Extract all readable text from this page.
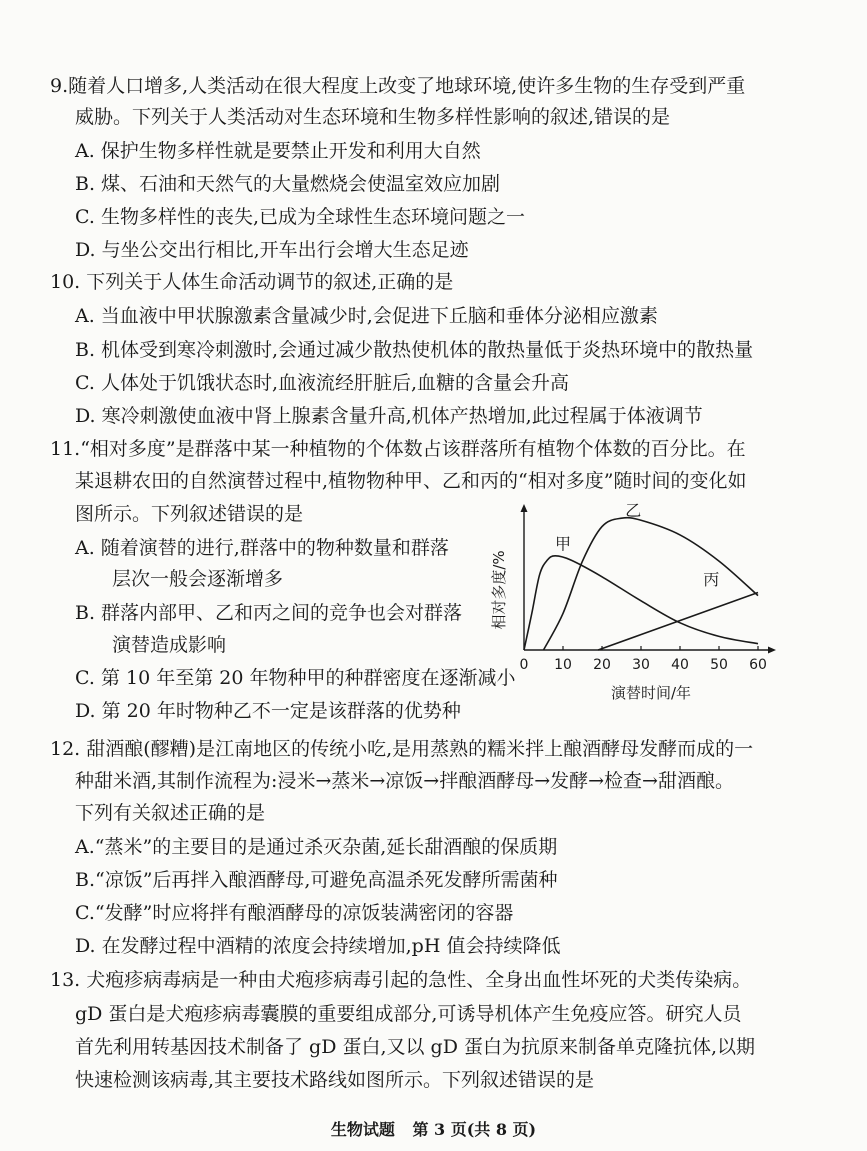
9.随着人口增多,人类活动在很大程度上改变了地球环境,使许多生物的生存受到严重
威胁。下列关于人类活动对生态环境和生物多样性影响的叙述,错误的是
A. 保护生物多样性就是要禁止开发和利用大自然
B. 煤、石油和天然气的大量燃烧会使温室效应加剧
C. 生物多样性的丧失,已成为全球性生态环境问题之一
D. 与坐公交出行相比,开车出行会增大生态足迹
10. 下列关于人体生命活动调节的叙述,正确的是
A. 当血液中甲状腺激素含量减少时,会促进下丘脑和垂体分泌相应激素
B. 机体受到寒冷刺激时,会通过减少散热使机体的散热量低于炎热环境中的散热量
C. 人体处于饥饿状态时,血液流经肝脏后,血糖的含量会升高
D. 寒冷刺激使血液中肾上腺素含量升高,机体产热增加,此过程属于体液调节
11.“相对多度”是群落中某一种植物的个体数占该群落所有植物个体数的百分比。在
某退耕农田的自然演替过程中,植物物种甲、乙和丙的“相对多度”随时间的变化如
图所示。下列叙述错误的是
A. 随着演替的进行,群落中的物种数量和群落
层次一般会逐渐增多
B. 群落内部甲、乙和丙之间的竞争也会对群落
演替造成影响
C. 第 10 年至第 20 年物种甲的种群密度在逐渐减小
D. 第 20 年时物种乙不一定是该群落的优势种
0 10 20 30 40 50 60
演替时间/年
相对多度/%
甲
乙
丙
12. 甜酒酿(醪糟)是江南地区的传统小吃,是用蒸熟的糯米拌上酿酒酵母发酵而成的一
种甜米酒,其制作流程为:浸米→蒸米→凉饭→拌酿酒酵母→发酵→检查→甜酒酿。
下列有关叙述正确的是
A.“蒸米”的主要目的是通过杀灭杂菌,延长甜酒酿的保质期
B.“凉饭”后再拌入酿酒酵母,可避免高温杀死发酵所需菌种
C.“发酵”时应将拌有酿酒酵母的凉饭装满密闭的容器
D. 在发酵过程中酒精的浓度会持续增加,pH 值会持续降低
13. 犬疱疹病毒病是一种由犬疱疹病毒引起的急性、全身出血性坏死的犬类传染病。
gD 蛋白是犬疱疹病毒囊膜的重要组成部分,可诱导机体产生免疫应答。研究人员
首先利用转基因技术制备了 gD 蛋白,又以 gD 蛋白为抗原来制备单克隆抗体,以期
快速检测该病毒,其主要技术路线如图所示。下列叙述错误的是
生物试题 第 3 页(共 8 页)
